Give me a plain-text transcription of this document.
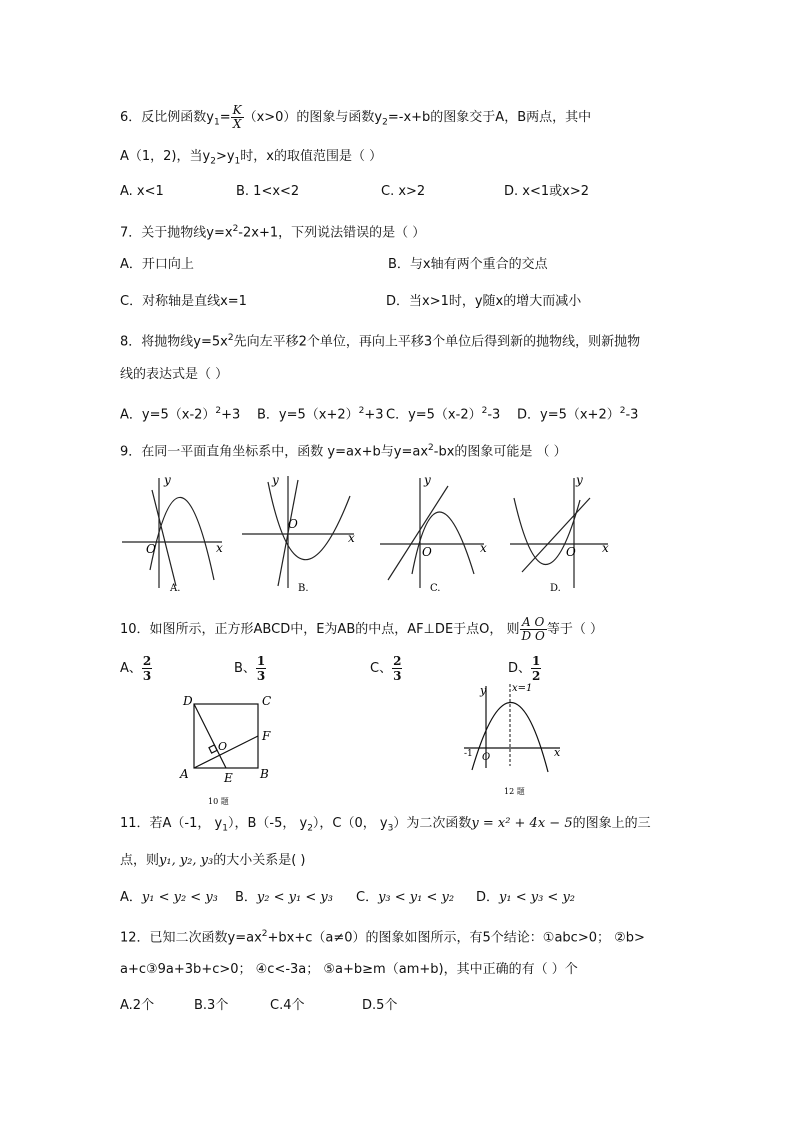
6．反比例函数$y_1= \frac{K}{X} (x>0)$的图象与函数$y_2=-x+b$的图象交于A，B两点，其中
A（1，2)，当$y_2>y_1$时，x的取值范围是（ ）
A. x<1	B. 1<x<2	C. x>2	D. x<1或x>2
7．关于抛物线$y=x^2-2x+1$，下列说法错误的是（ ）
A．开口向上	B．与x轴有两个重合的交点
C．对称轴是直线x=1	D．当x>1时，y随x的增大而减小
8．将抛物线$y=5x^2$先向左平移2个单位，再向上平移3个单位后得到新的抛物线，则新抛物
线的表达式是（ ）
A．$y=5(x-2)^2+3$ B．$y=5(x+2)^2+3$ C．$y=5(x-2)^2-3$ D．$y=5(x+2)^2-3$
9．在同一平面直角坐标系中，函数 y=ax+b与$y=ax^2-bx$的图象可能是 （ ）
y
O	x
A.
y
O
x
B.
y
O	x
C.
y
O x
D.
10．如图所示，正方形ABCD中，E为AB的中点，AF⊥DE于点O， 则 $\frac{\text{A O}}{\text{D O}}$ 等于（ ）
A、 $\frac{2}{3}$	B、 $\frac{1}{3}$	C、 $\frac{2}{3}$	D、 $\frac{1}{2}$
D	C
A	E B
F
O
10 题
y	x=1
x
-1 O
12 题
11．若A（-1， $y_1$），B（-5， $y_2$），C（0， $y_3$）为二次函数y = x² + 4x − 5的图象上的三
点，则y₁, y₂, y₃的大小关系是( )
A．y₁ < y₂ < y₃ B．y₂ < y₁ < y₃ C．y₃ < y₁ < y₂ D．y₁ < y₃ < y₂
12．已知二次函数$y=ax^2+bx+c(a\ne 0)$的图象如图所示，有5个结论：①abc>0； ②b>
a+c③9a+3b+c>0； ④c<-3a； ⑤a+b≥m（am+b)，其中正确的有（ ）个
A.2个	B.3个	C.4个	D.5个
